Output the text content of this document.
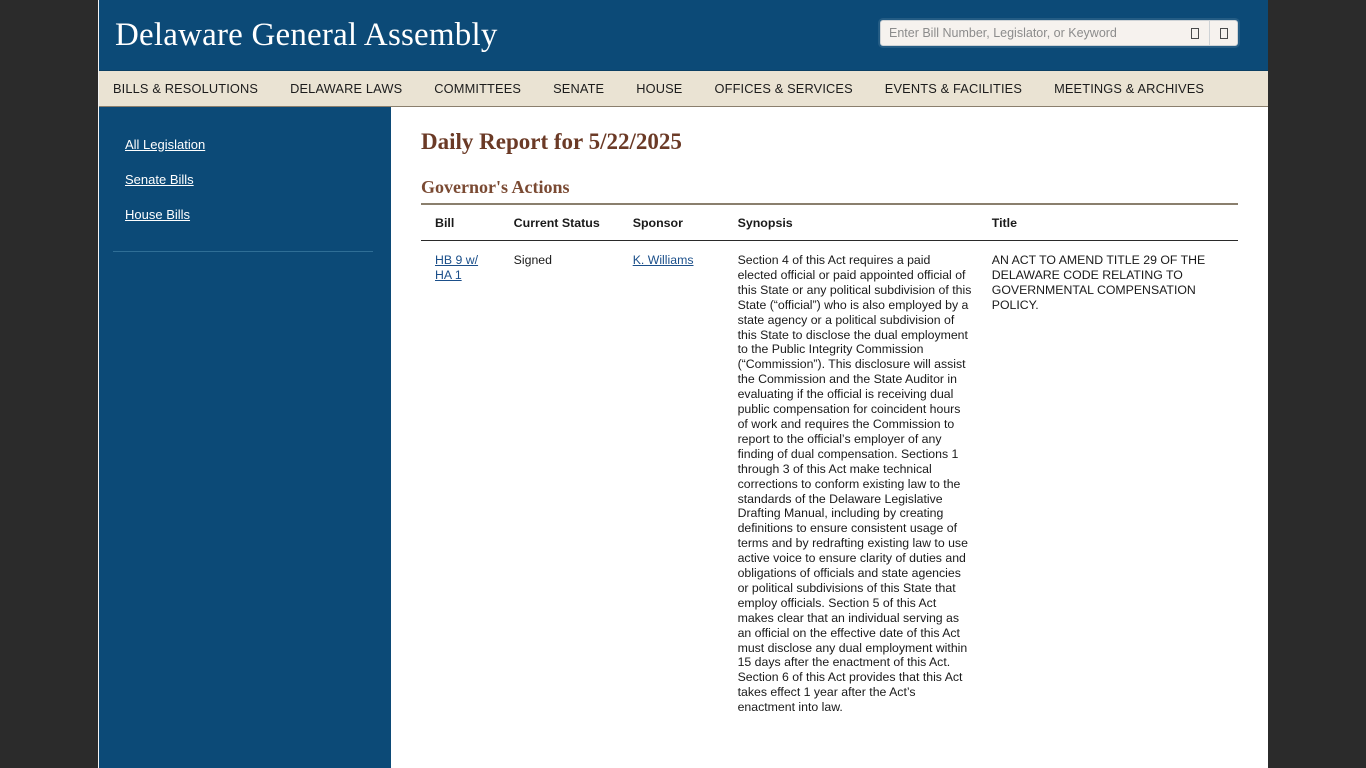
Delaware General Assembly
Enter Bill Number, Legislator, or Keyword
BILLS & RESOLUTIONS	DELAWARE LAWS	COMMITTEES	SENATE	HOUSE	OFFICES & SERVICES	EVENTS & FACILITIES	MEETINGS & ARCHIVES
All Legislation
Senate Bills
House Bills
Daily Report for 5/22/2025
Governor's Actions
Bill	Current Status	Sponsor	Synopsis	Title
HB 9 w/ HA 1	Signed	K. Williams	Section 4 of this Act requires a paid elected official or paid appointed official of this State or any political subdivision of this State (“official”) who is also employed by a state agency or a political subdivision of this State to disclose the dual employment to the Public Integrity Commission (“Commission”). This disclosure will assist the Commission and the State Auditor in evaluating if the official is receiving dual public compensation for coincident hours of work and requires the Commission to report to the official’s employer of any finding of dual compensation. Sections 1 through 3 of this Act make technical corrections to conform existing law to the standards of the Delaware Legislative Drafting Manual, including by creating definitions to ensure consistent usage of terms and by redrafting existing law to use active voice to ensure clarity of duties and obligations of officials and state agencies or political subdivisions of this State that employ officials. Section 5 of this Act makes clear that an individual serving as an official on the effective date of this Act must disclose any dual employment within 15 days after the enactment of this Act. Section 6 of this Act provides that this Act takes effect 1 year after the Act’s enactment into law.	AN ACT TO AMEND TITLE 29 OF THE DELAWARE CODE RELATING TO GOVERNMENTAL COMPENSATION POLICY.
